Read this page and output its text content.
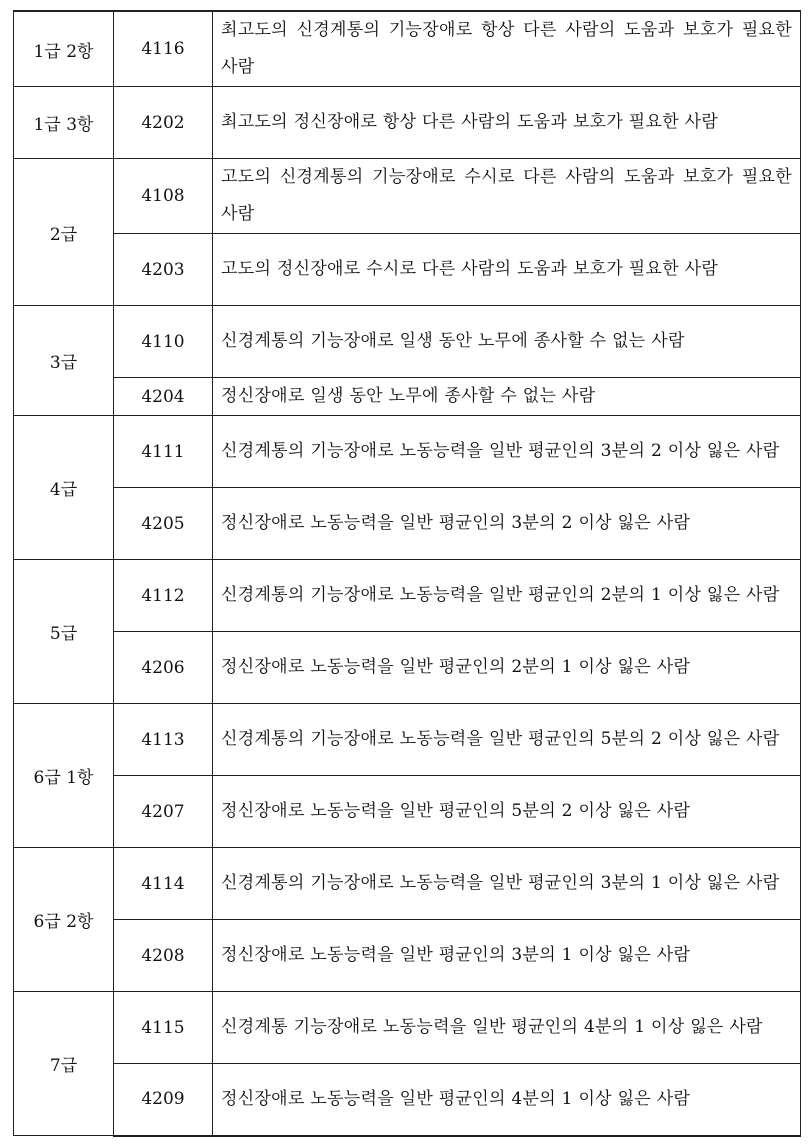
1급 2항	4116	최고도의 신경계통의 기능장애로 항상 다른 사람의 도움과 보호가 필요한 사람
1급 3항	4202	최고도의 정신장애로 항상 다른 사람의 도움과 보호가 필요한 사람
2급	4108	고도의 신경계통의 기능장애로 수시로 다른 사람의 도움과 보호가 필요한 사람
	4203	고도의 정신장애로 수시로 다른 사람의 도움과 보호가 필요한 사람
3급	4110	신경계통의 기능장애로 일생 동안 노무에 종사할 수 없는 사람
	4204	정신장애로 일생 동안 노무에 종사할 수 없는 사람
4급	4111	신경계통의 기능장애로 노동능력을 일반 평균인의 3분의 2 이상 잃은 사람
	4205	정신장애로 노동능력을 일반 평균인의 3분의 2 이상 잃은 사람
5급	4112	신경계통의 기능장애로 노동능력을 일반 평균인의 2분의 1 이상 잃은 사람
	4206	정신장애로 노동능력을 일반 평균인의 2분의 1 이상 잃은 사람
6급 1항	4113	신경계통의 기능장애로 노동능력을 일반 평균인의 5분의 2 이상 잃은 사람
	4207	정신장애로 노동능력을 일반 평균인의 5분의 2 이상 잃은 사람
6급 2항	4114	신경계통의 기능장애로 노동능력을 일반 평균인의 3분의 1 이상 잃은 사람
	4208	정신장애로 노동능력을 일반 평균인의 3분의 1 이상 잃은 사람
7급	4115	신경계통 기능장애로 노동능력을 일반 평균인의 4분의 1 이상 잃은 사람
	4209	정신장애로 노동능력을 일반 평균인의 4분의 1 이상 잃은 사람
